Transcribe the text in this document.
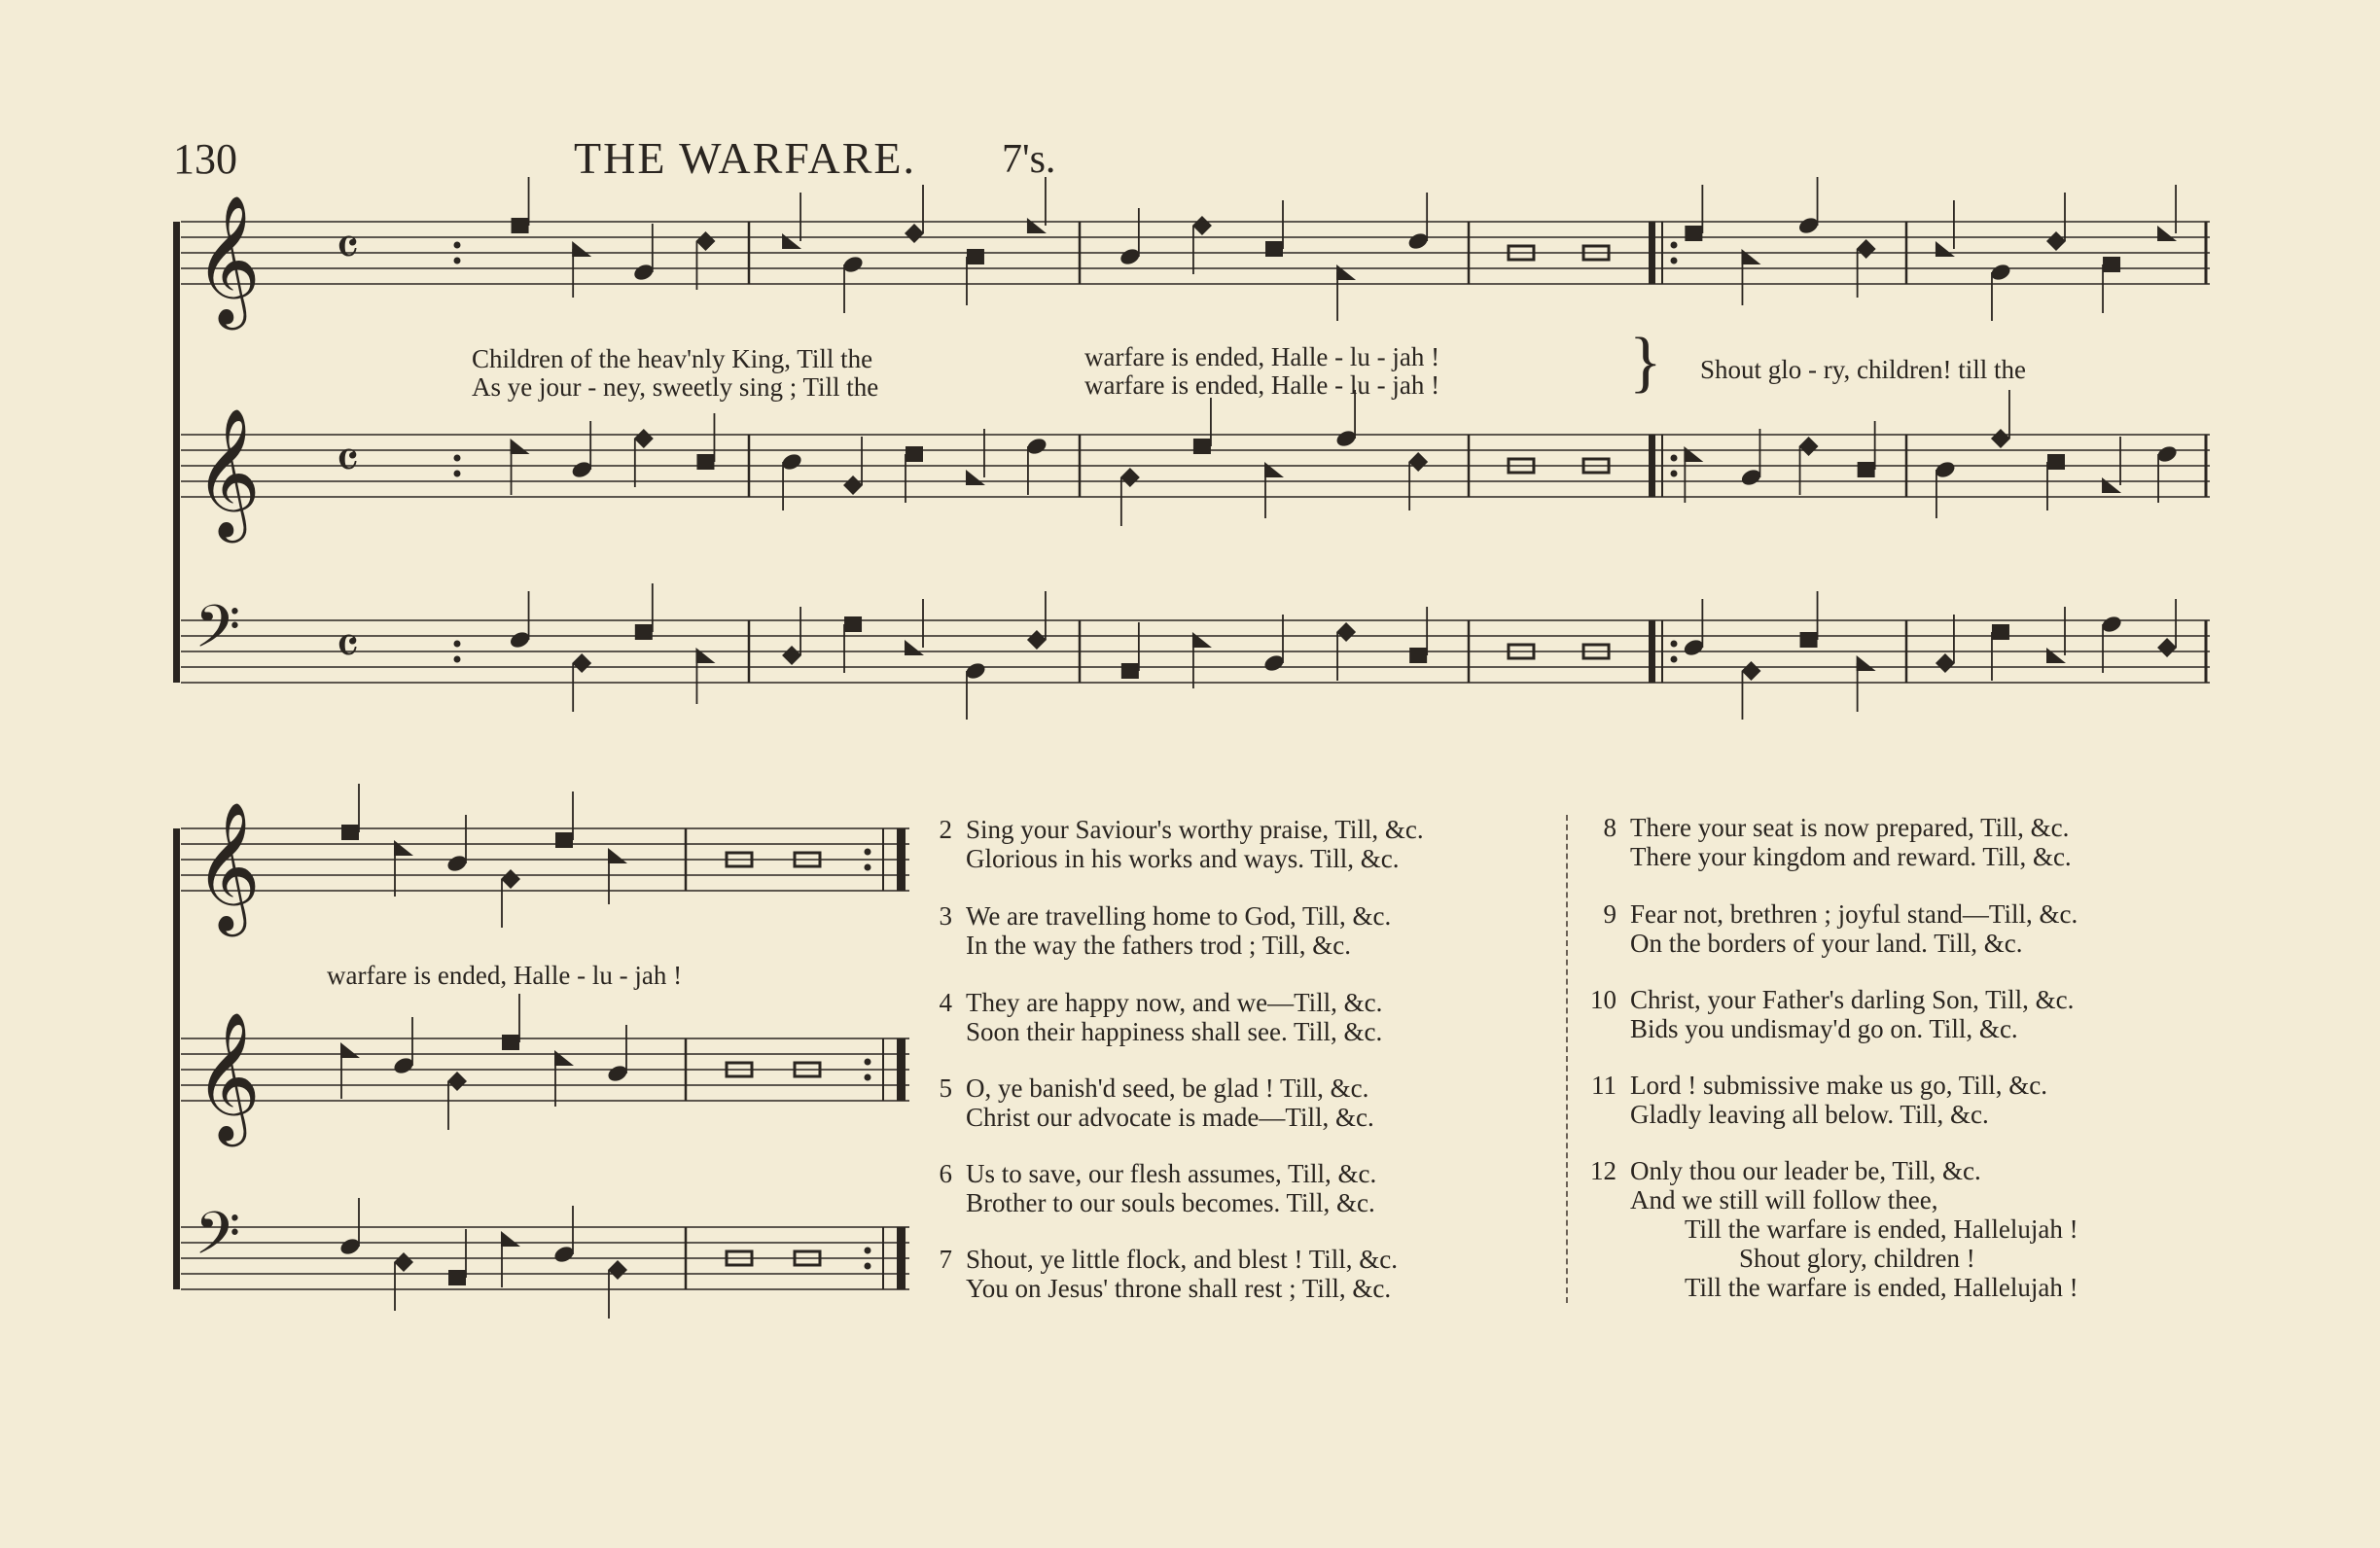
130	THE WARFARE. 7's.
𝄞 𝄴
𝄞 𝄴
𝄢 𝄴
𝄞
𝄞
𝄢
Children of the heav'nly King, Till the	warfare is ended, Halle - lu - jah !
As ye jour - ney, sweetly sing ; Till the	warfare is ended, Halle - lu - jah !	} Shout glo - ry, children! till the
warfare is ended, Halle - lu - jah !
2 Sing your Saviour's worthy praise, Till, &c.
Glorious in his works and ways. Till, &c.
3 We are travelling home to God, Till, &c.
In the way the fathers trod ; Till, &c.
4 They are happy now, and we—Till, &c.
Soon their happiness shall see. Till, &c.
5 O, ye banish'd seed, be glad ! Till, &c.
Christ our advocate is made—Till, &c.
6 Us to save, our flesh assumes, Till, &c.
Brother to our souls becomes. Till, &c.
7 Shout, ye little flock, and blest ! Till, &c.
You on Jesus' throne shall rest ; Till, &c.
8 There your seat is now prepared, Till, &c.
There your kingdom and reward. Till, &c.
9 Fear not, brethren ; joyful stand—Till, &c.
On the borders of your land. Till, &c.
10 Christ, your Father's darling Son, Till, &c.
Bids you undismay'd go on. Till, &c.
11 Lord ! submissive make us go, Till, &c.
Gladly leaving all below. Till, &c.
12 Only thou our leader be, Till, &c.
And we still will follow thee,
Till the warfare is ended, Hallelujah !
Shout glory, children !
Till the warfare is ended, Hallelujah !
